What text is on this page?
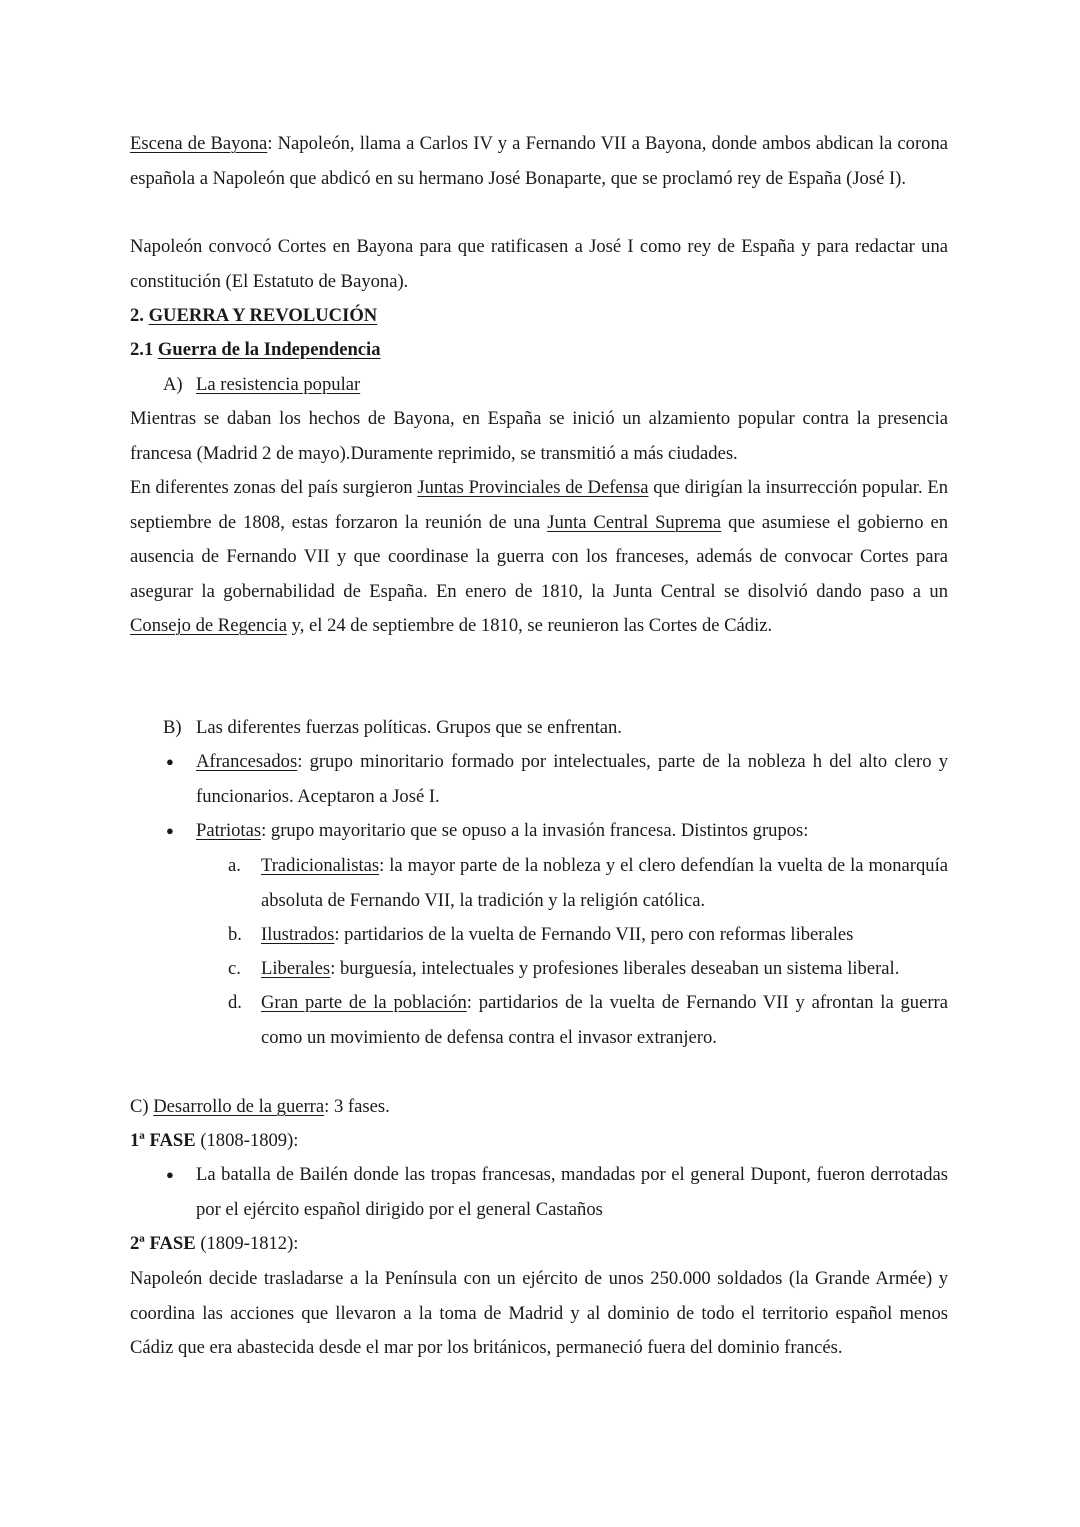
Escena de Bayona: Napoleón, llama a Carlos IV y a Fernando VII a Bayona, donde ambos abdican la corona española a Napoleón que abdicó en su hermano José Bonaparte, que se proclamó rey de España (José I).

Napoleón convocó Cortes en Bayona para que ratificasen a José I como rey de España y para redactar una constitución (El Estatuto de Bayona).

2. GUERRA Y REVOLUCIÓN

2.1 Guerra de la Independencia

A) La resistencia popular

Mientras se daban los hechos de Bayona, en España se inició un alzamiento popular contra la presencia francesa (Madrid 2 de mayo).Duramente reprimido, se transmitió a más ciudades.

En diferentes zonas del país surgieron Juntas Provinciales de Defensa que dirigían la insurrección popular. En septiembre de 1808, estas forzaron la reunión de una Junta Central Suprema que asumiese el gobierno en ausencia de Fernando VII y que coordinase la guerra con los franceses, además de convocar Cortes para asegurar la gobernabilidad de España. En enero de 1810, la Junta Central se disolvió dando paso a un Consejo de Regencia y, el 24 de septiembre de 1810, se reunieron las Cortes de Cádiz.

B) Las diferentes fuerzas políticas. Grupos que se enfrentan.
● Afrancesados: grupo minoritario formado por intelectuales, parte de la nobleza h del alto clero y funcionarios. Aceptaron a José I.

● Patriotas: grupo mayoritario que se opuso a la invasión francesa. Distintos grupos:

a. Tradicionalistas: la mayor parte de la nobleza y el clero defendían la vuelta de la monarquía absoluta de Fernando VII, la tradición y la religión católica.

b. Ilustrados: partidarios de la vuelta de Fernando VII, pero con reformas liberales

c. Liberales: burguesía, intelectuales y profesiones liberales deseaban un sistema liberal.

d. Gran parte de la población: partidarios de la vuelta de Fernando VII y afrontan la guerra como un movimiento de defensa contra el invasor extranjero.

C) Desarrollo de la guerra: 3 fases.

1ª FASE (1808-1809):

● La batalla de Bailén donde las tropas francesas, mandadas por el general Dupont, fueron derrotadas por el ejército español dirigido por el general Castaños

2ª FASE (1809-1812):

Napoleón decide trasladarse a la Península con un ejército de unos 250.000 soldados (la Grande Armée) y coordina las acciones que llevaron a la toma de Madrid y al dominio de todo el territorio español menos Cádiz que era abastecida desde el mar por los británicos, permaneció fuera del dominio francés.
